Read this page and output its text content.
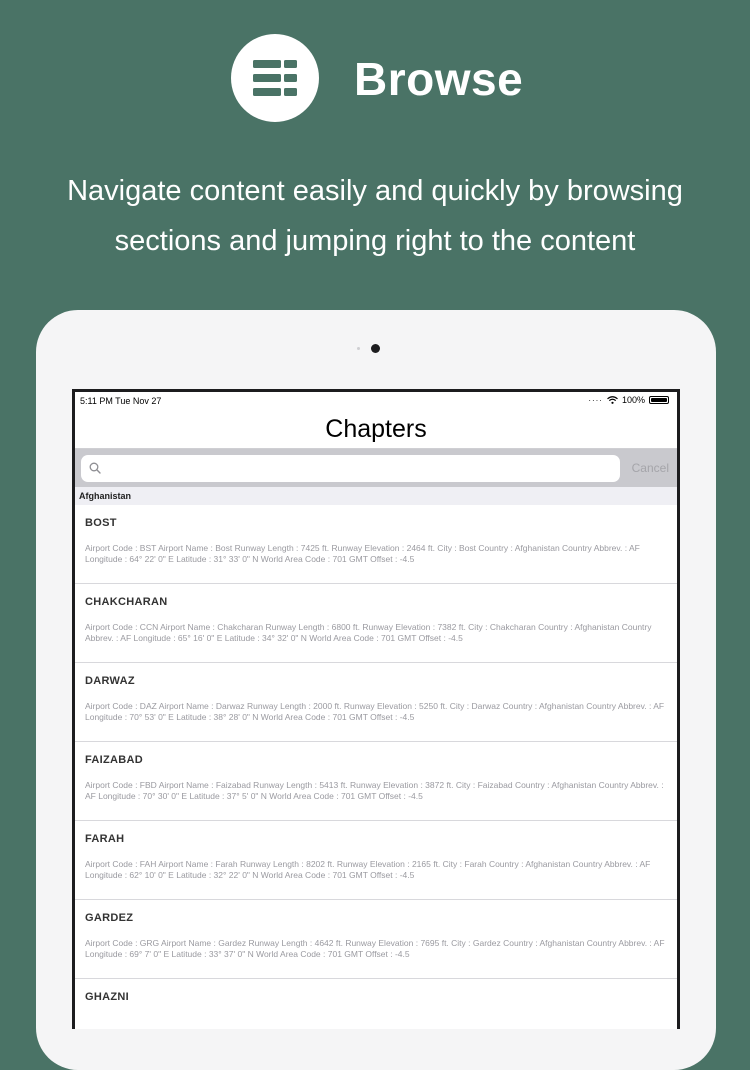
Browse
Navigate content easily and quickly by browsing
sections and jumping right to the content
5:11 PM Tue Nov 27	···· 100%
Chapters
Cancel
Afghanistan
BOST
Airport Code : BST Airport Name : Bost Runway Length : 7425 ft. Runway Elevation : 2464 ft. City : Bost Country : Afghanistan Country Abbrev. : AF Longitude : 64° 22' 0" E Latitude : 31° 33' 0" N World Area Code : 701 GMT Offset : -4.5
CHAKCHARAN
Airport Code : CCN Airport Name : Chakcharan Runway Length : 6800 ft. Runway Elevation : 7382 ft. City : Chakcharan Country : Afghanistan Country Abbrev. : AF Longitude : 65° 16' 0" E Latitude : 34° 32' 0" N World Area Code : 701 GMT Offset : -4.5
DARWAZ
Airport Code : DAZ Airport Name : Darwaz Runway Length : 2000 ft. Runway Elevation : 5250 ft. City : Darwaz Country : Afghanistan Country Abbrev. : AF Longitude : 70° 53' 0" E Latitude : 38° 28' 0" N World Area Code : 701 GMT Offset : -4.5
FAIZABAD
Airport Code : FBD Airport Name : Faizabad Runway Length : 5413 ft. Runway Elevation : 3872 ft. City : Faizabad Country : Afghanistan Country Abbrev. : AF Longitude : 70° 30' 0" E Latitude : 37° 5' 0" N World Area Code : 701 GMT Offset : -4.5
FARAH
Airport Code : FAH Airport Name : Farah Runway Length : 8202 ft. Runway Elevation : 2165 ft. City : Farah Country : Afghanistan Country Abbrev. : AF Longitude : 62° 10' 0" E Latitude : 32° 22' 0" N World Area Code : 701 GMT Offset : -4.5
GARDEZ
Airport Code : GRG Airport Name : Gardez Runway Length : 4642 ft. Runway Elevation : 7695 ft. City : Gardez Country : Afghanistan Country Abbrev. : AF Longitude : 69° 7' 0" E Latitude : 33° 37' 0" N World Area Code : 701 GMT Offset : -4.5
GHAZNI
